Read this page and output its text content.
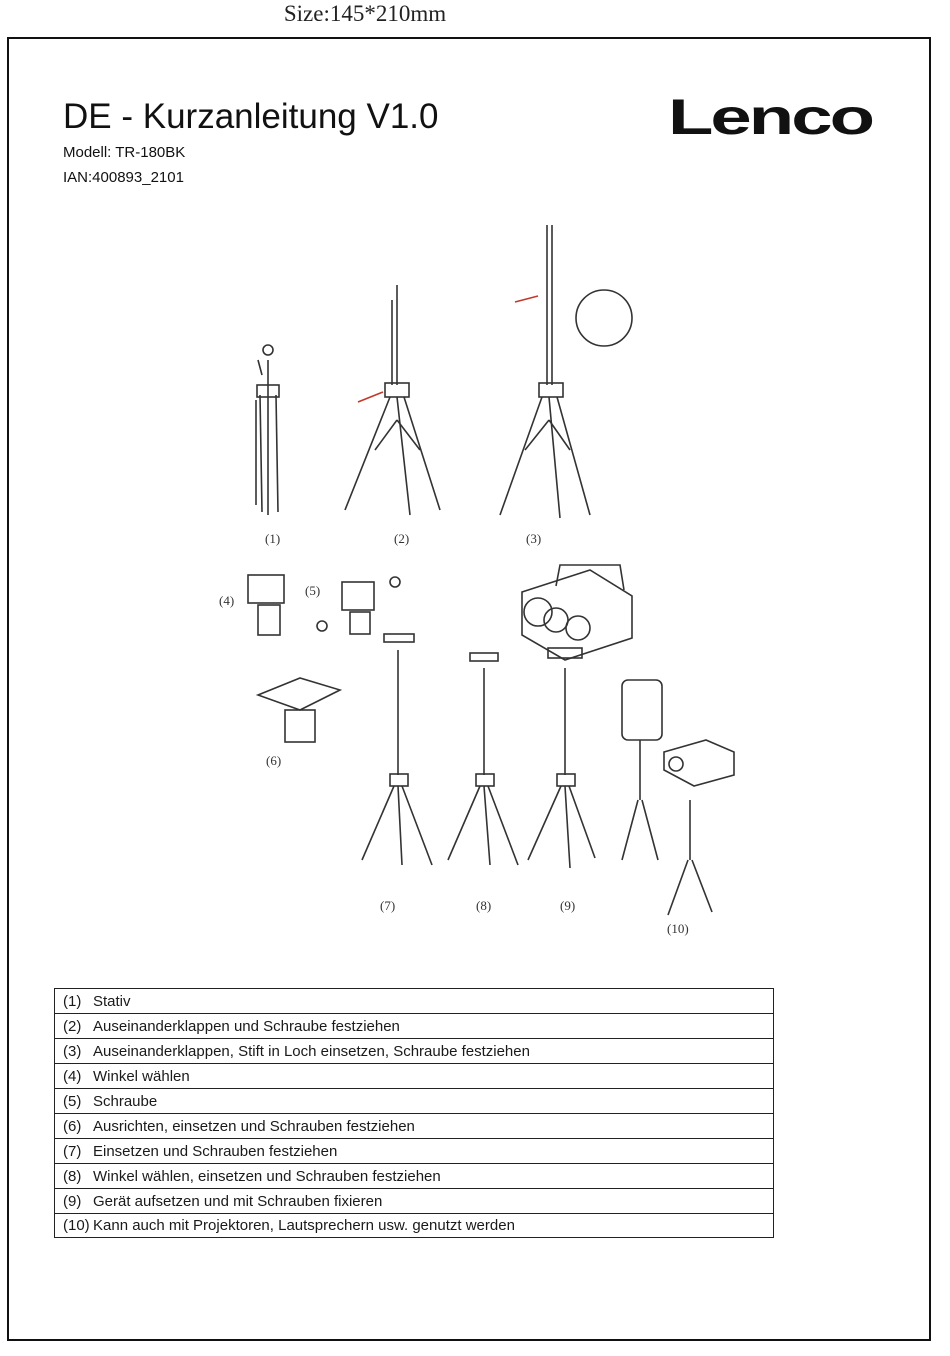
Size:145*210mm
DE - Kurzanleitung V1.0
Modell: TR-180BK
IAN:400893_2101
Lenco
(1)	(2)	(3)
(4)
(5)
(6)
(7)	(8)	(9)
(10)
(1) Stativ
(2) Auseinanderklappen und Schraube festziehen
(3) Auseinanderklappen, Stift in Loch einsetzen, Schraube festziehen
(4) Winkel wählen
(5) Schraube
(6) Ausrichten, einsetzen und Schrauben festziehen
(7) Einsetzen und Schrauben festziehen
(8) Winkel wählen, einsetzen und Schrauben festziehen
(9) Gerät aufsetzen und mit Schrauben fixieren
(10) Kann auch mit Projektoren, Lautsprechern usw. genutzt werden
